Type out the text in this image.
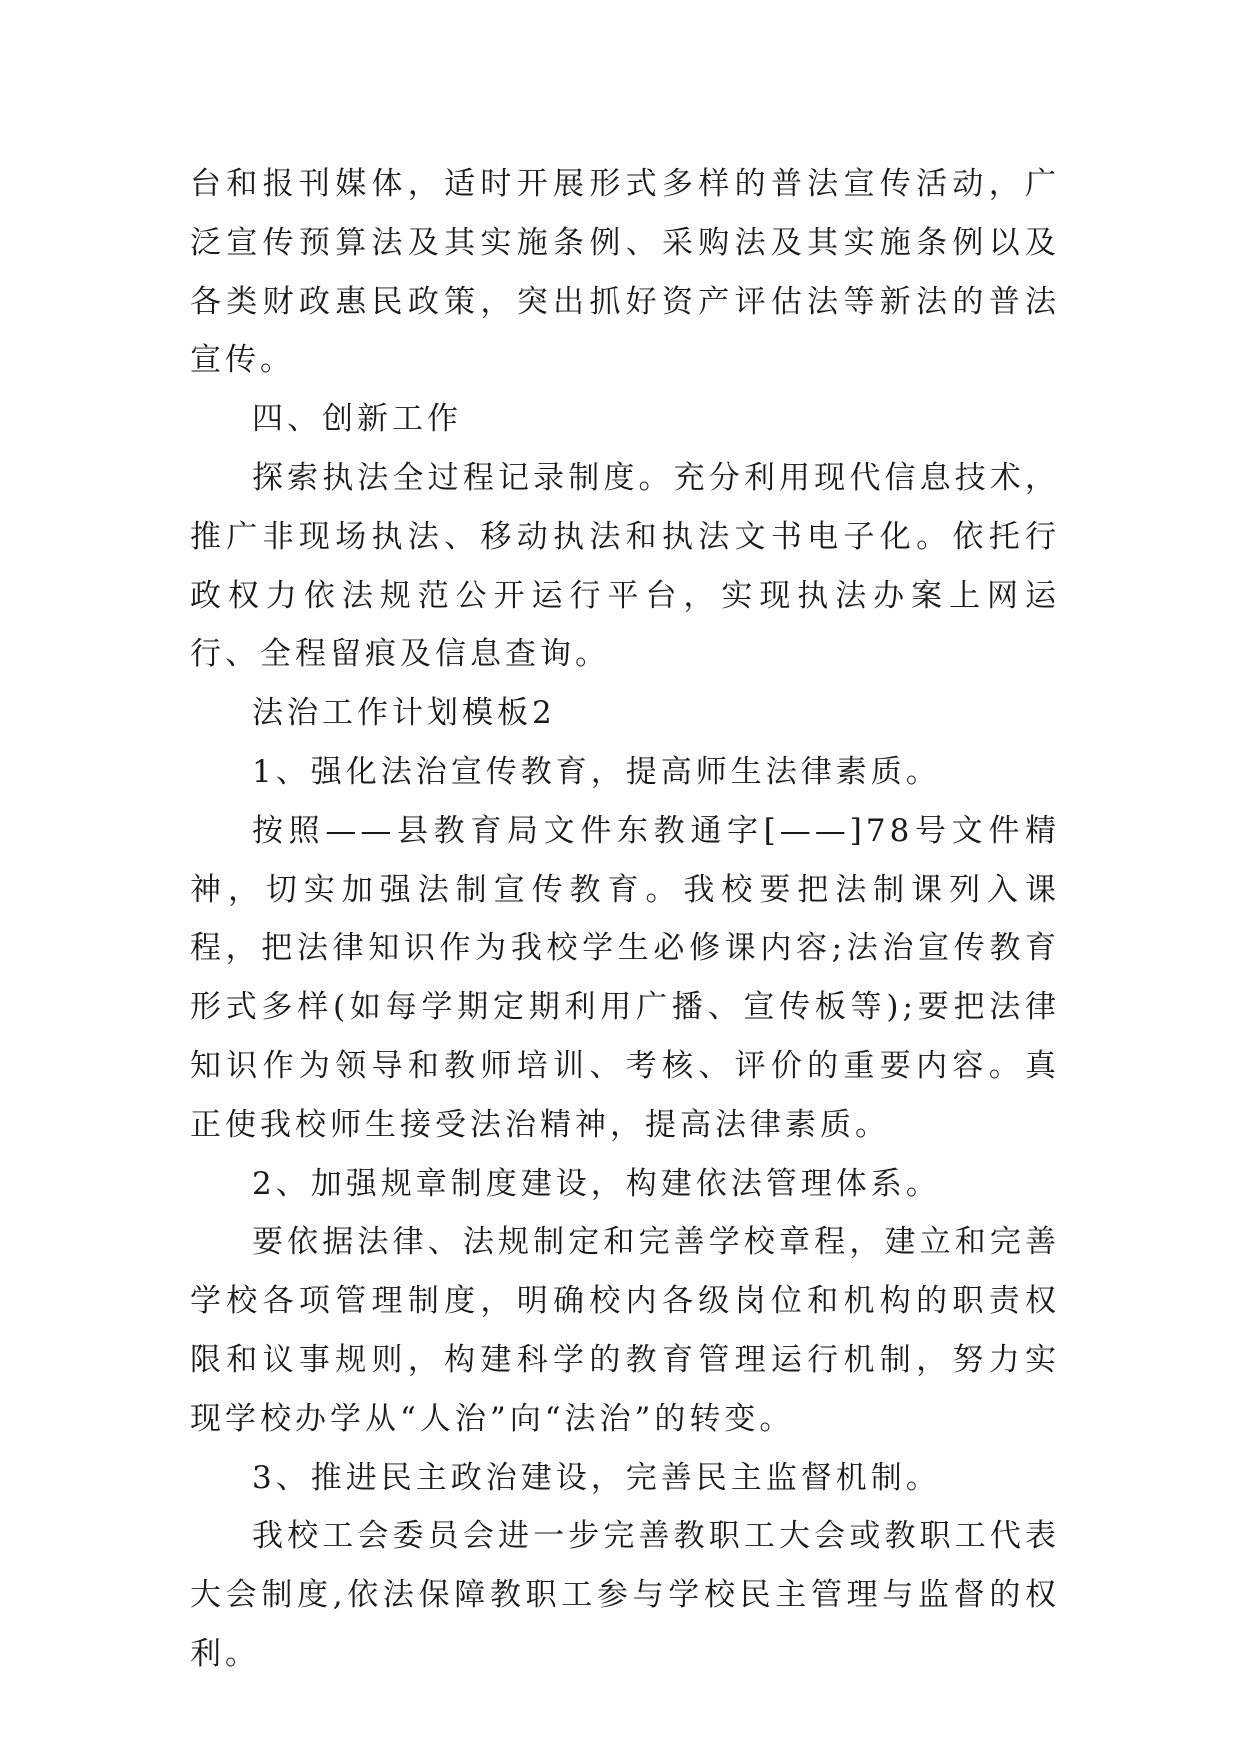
台和报刊媒体，适时开展形式多样的普法宣传活动，广泛宣传预算法及其实施条例、采购法及其实施条例以及各类财政惠民政策，突出抓好资产评估法等新法的普法宣传。

四、创新工作

探索执法全过程记录制度。充分利用现代信息技术，推广非现场执法、移动执法和执法文书电子化。依托行政权力依法规范公开运行平台，实现执法办案上网运行、全程留痕及信息查询。

法治工作计划模板2

1、强化法治宣传教育，提高师生法律素质。

按照——县教育局文件东教通字[——]78号文件精神，切实加强法制宣传教育。我校要把法制课列入课程，把法律知识作为我校学生必修课内容;法治宣传教育形式多样(如每学期定期利用广播、宣传板等);要把法律知识作为领导和教师培训、考核、评价的重要内容。真正使我校师生接受法治精神，提高法律素质。

2、加强规章制度建设，构建依法管理体系。

要依据法律、法规制定和完善学校章程，建立和完善学校各项管理制度，明确校内各级岗位和机构的职责权限和议事规则，构建科学的教育管理运行机制，努力实现学校办学从“人治”向“法治”的转变。

3、推进民主政治建设，完善民主监督机制。

我校工会委员会进一步完善教职工大会或教职工代表大会制度,依法保障教职工参与学校民主管理与监督的权利。
